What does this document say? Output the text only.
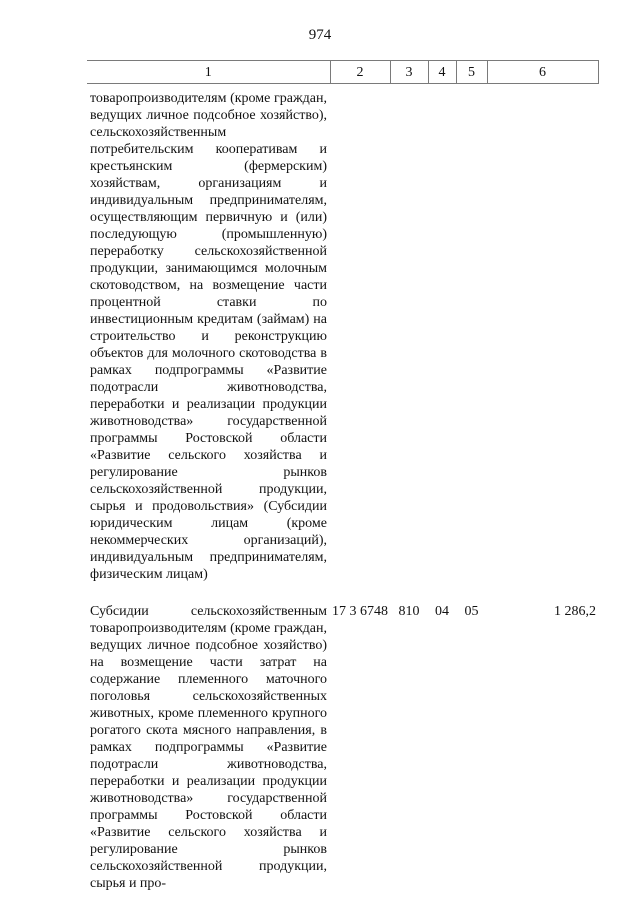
974
1	2	3	4	5	6
товаропроизводителям (кроме граждан, ведущих личное подсобное хозяйство), сельскохозяйственным потребительским кооперативам и крестьянским (фермерским) хозяйствам, организациям и индивидуальным предпринимателям, осуществляющим первичную и (или) последующую (промышленную) переработку сельскохозяйственной продукции, занимающимся молочным скотоводством, на возмещение части процентной ставки по инвестиционным кредитам (займам) на строительство и реконструкцию объектов для молочного скотоводства в рамках подпрограммы «Развитие подотрасли животноводства, переработки и реализации продукции животноводства» государственной программы Ростовской области «Развитие сельского хозяйства и регулирование рынков сельскохозяйственной продукции, сырья и продовольствия» (Субсидии юридическим лицам (кроме некоммерческих организаций), индивидуальным предпринимателям, физическим лицам)					
Субсидии сельскохозяйственным товаропроизводителям (кроме граждан, ведущих личное подсобное хозяйство) на возмещение части затрат на содержание племенного маточного поголовья сельскохозяйственных животных, кроме племенного крупного рогатого скота мясного направления, в рамках подпрограммы «Развитие подотрасли животноводства, переработки и реализации продукции животноводства» государственной программы Ростовской области «Развитие сельского хозяйства и регулирование рынков сельскохозяйственной продукции, сырья и про-	17 3 6748	810	04	05	1 286,2
